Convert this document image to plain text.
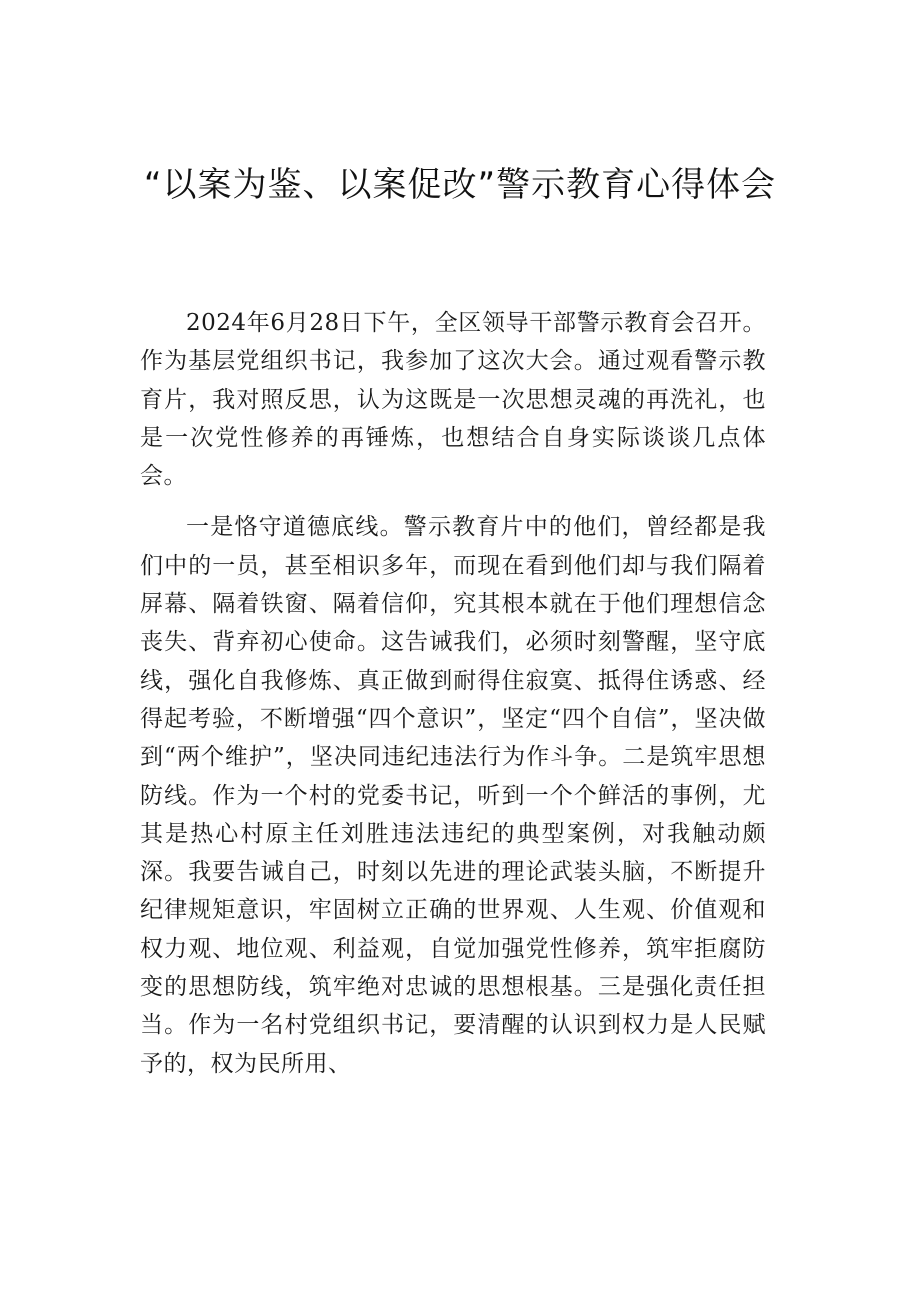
“以案为鉴、以案促改”警示教育心得体会

2024年6月28日下午，全区领导干部警示教育会召开。作为基层党组织书记，我参加了这次大会。通过观看警示教育片，我对照反思，认为这既是一次思想灵魂的再洗礼，也是一次党性修养的再锤炼，也想结合自身实际谈谈几点体会。

一是恪守道德底线。警示教育片中的他们，曾经都是我们中的一员，甚至相识多年，而现在看到他们却与我们隔着屏幕、隔着铁窗、隔着信仰，究其根本就在于他们理想信念丧失、背弃初心使命。这告诫我们，必须时刻警醒，坚守底线，强化自我修炼、真正做到耐得住寂寞、抵得住诱惑、经得起考验，不断增强“四个意识”，坚定“四个自信”，坚决做到“两个维护”，坚决同违纪违法行为作斗争。二是筑牢思想防线。作为一个村的党委书记，听到一个个鲜活的事例，尤其是热心村原主任刘胜违法违纪的典型案例，对我触动颇深。我要告诫自己，时刻以先进的理论武装头脑，不断提升纪律规矩意识，牢固树立正确的世界观、人生观、价值观和权力观、地位观、利益观，自觉加强党性修养，筑牢拒腐防变的思想防线，筑牢绝对忠诚的思想根基。三是强化责任担当。作为一名村党组织书记，要清醒的认识到权力是人民赋予的，权为民所用、
